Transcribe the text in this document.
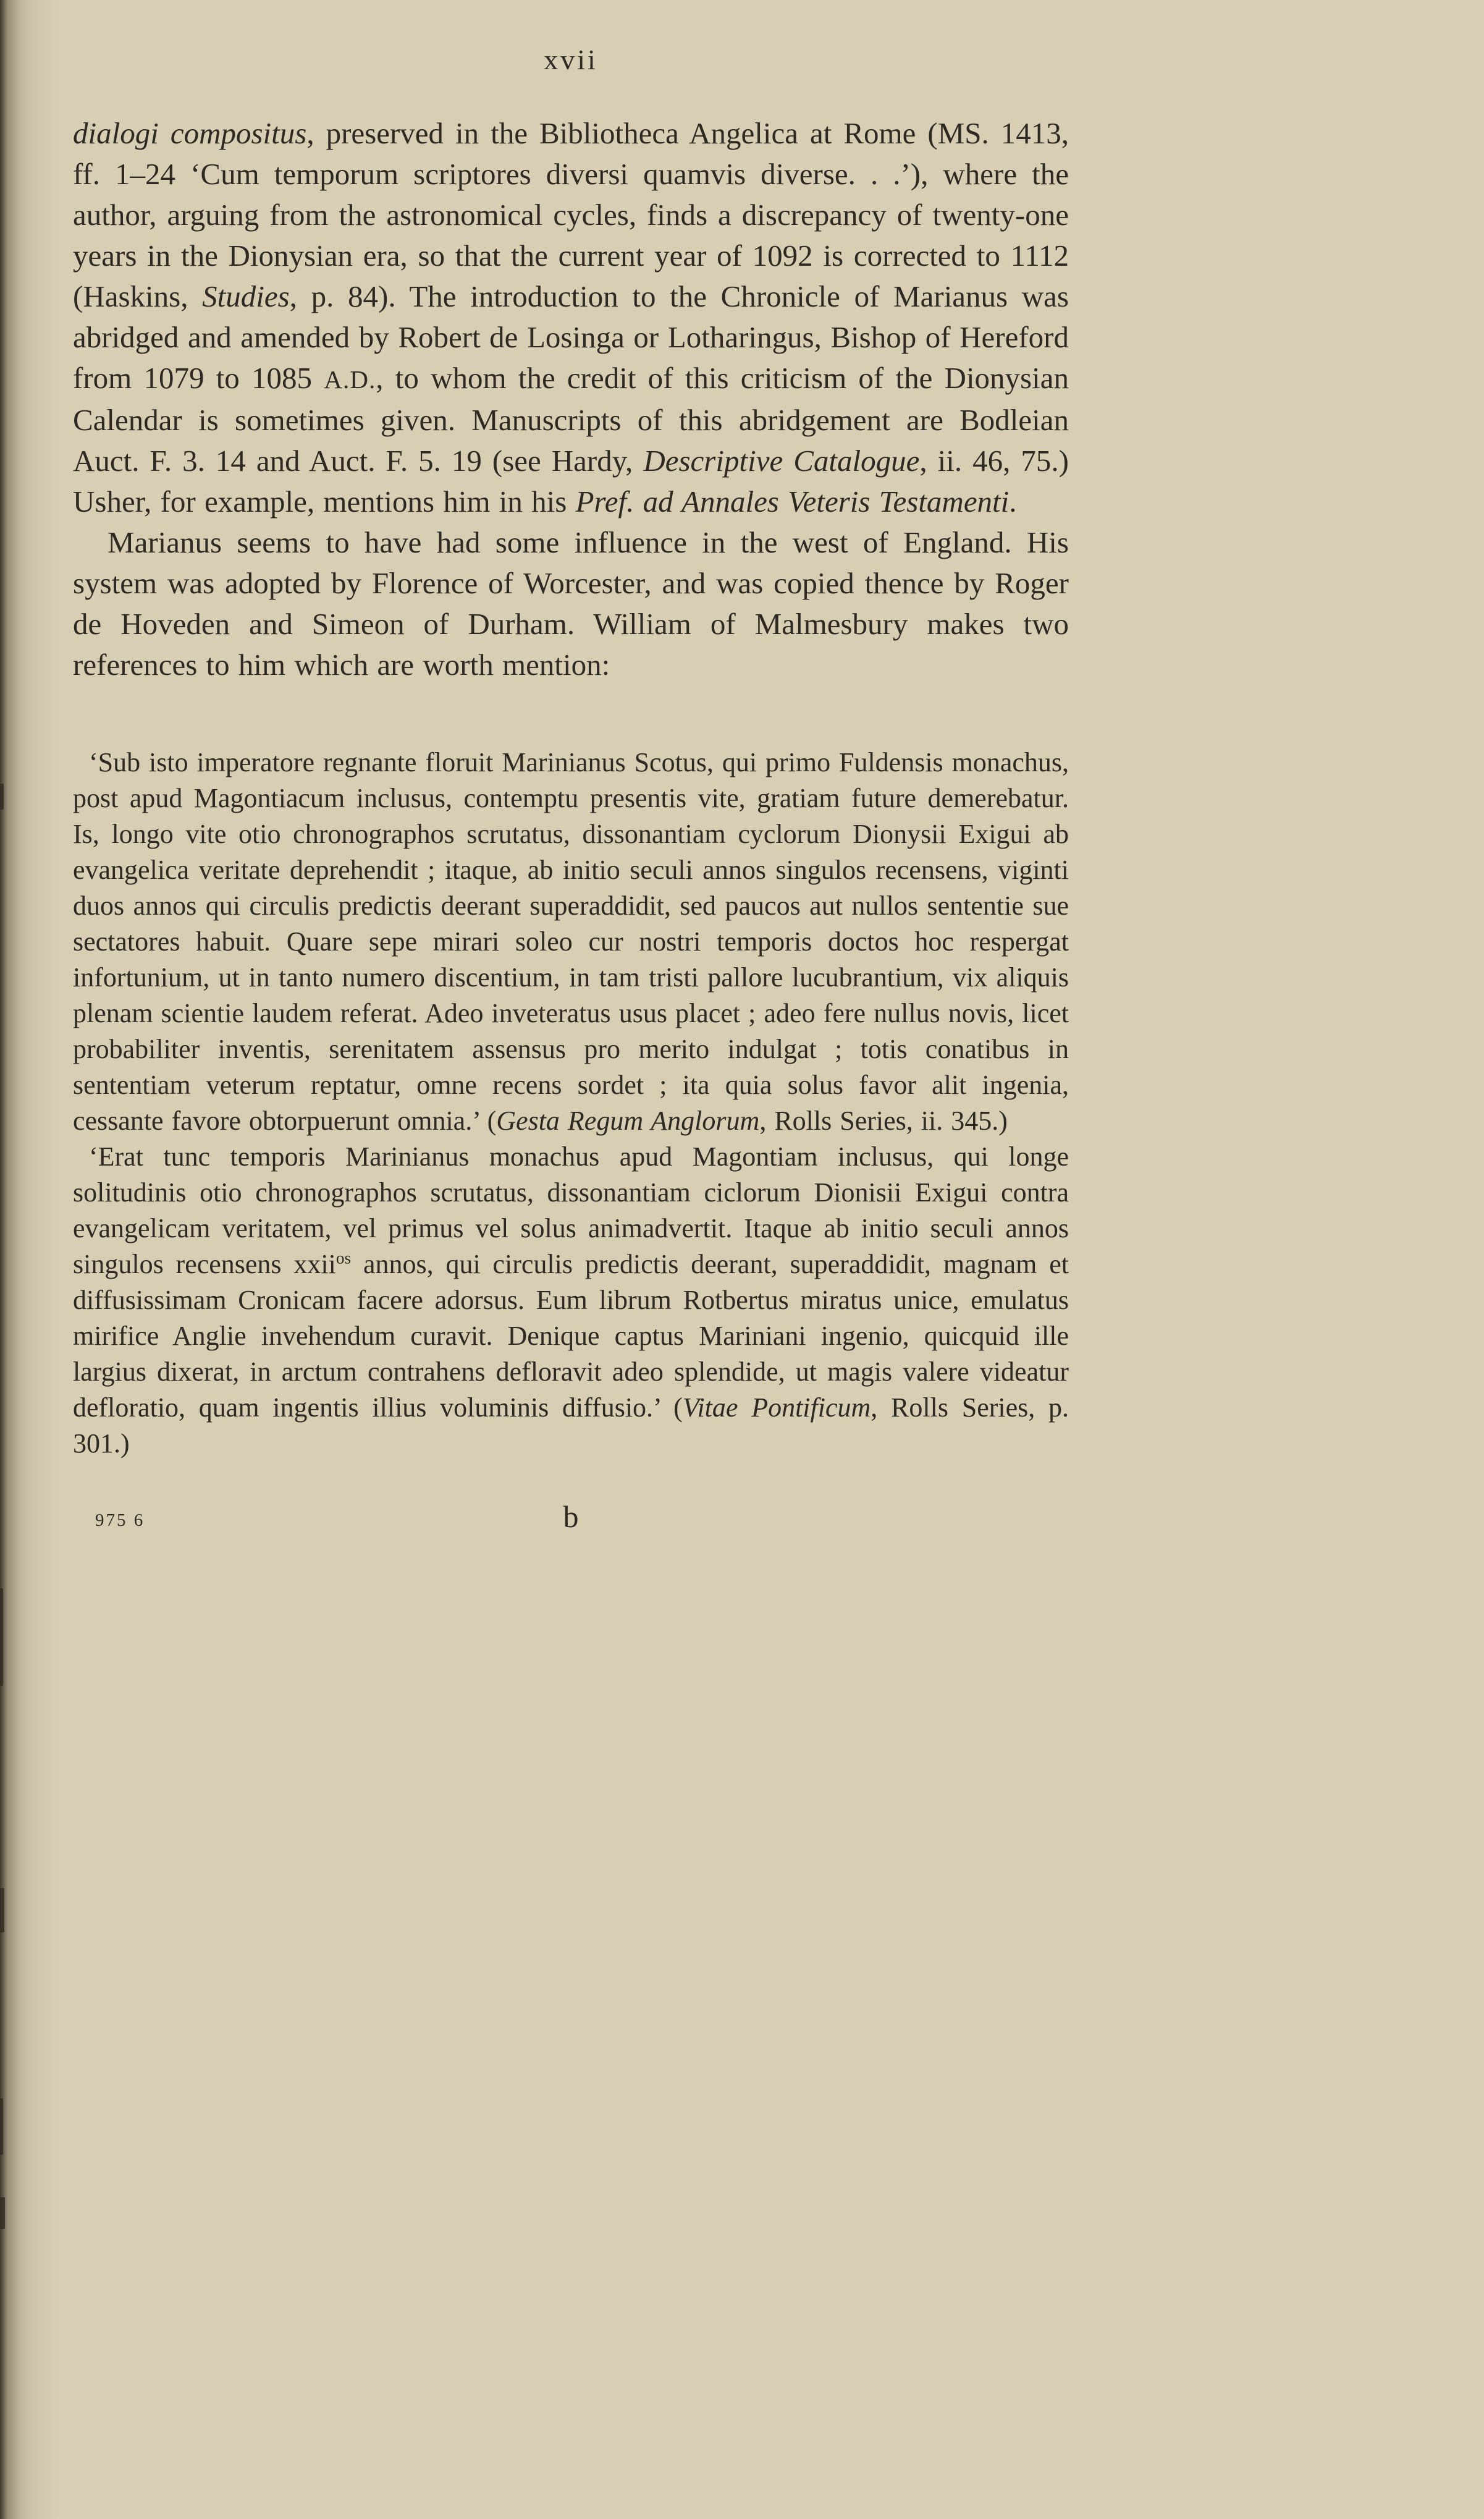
xvii

dialogi compositus, preserved in the Bibliotheca Angelica at Rome (MS. 1413, ff. 1–24 ‘Cum temporum scriptores diversi quamvis diverse. . .’), where the author, arguing from the astronomical cycles, finds a discrepancy of twenty-one years in the Dionysian era, so that the current year of 1092 is corrected to 1112 (Haskins, Studies, p. 84). The introduction to the Chronicle of Marianus was abridged and amended by Robert de Losinga or Lotharingus, Bishop of Hereford from 1079 to 1085 A.D., to whom the credit of this criticism of the Dionysian Calendar is sometimes given. Manuscripts of this abridgement are Bodleian Auct. F. 3. 14 and Auct. F. 5. 19 (see Hardy, Descriptive Catalogue, ii. 46, 75.) Usher, for example, mentions him in his Pref. ad Annales Veteris Testamenti.

Marianus seems to have had some influence in the west of England. His system was adopted by Florence of Worcester, and was copied thence by Roger de Hoveden and Simeon of Durham. William of Malmesbury makes two references to him which are worth mention:

‘Sub isto imperatore regnante floruit Marinianus Scotus, qui primo Fuldensis monachus, post apud Magontiacum inclusus, contemptu presentis vite, gratiam future demerebatur. Is, longo vite otio chronographos scrutatus, dissonantiam cyclorum Dionysii Exigui ab evangelica veritate deprehendit ; itaque, ab initio seculi annos singulos recensens, viginti duos annos qui circulis predictis deerant superaddidit, sed paucos aut nullos sententie sue sectatores habuit. Quare sepe mirari soleo cur nostri temporis doctos hoc respergat infortunium, ut in tanto numero discentium, in tam tristi pallore lucubrantium, vix aliquis plenam scientie laudem referat. Adeo inveteratus usus placet ; adeo fere nullus novis, licet probabiliter inventis, serenitatem assensus pro merito indulgat ; totis conatibus in sententiam veterum reptatur, omne recens sordet ; ita quia solus favor alit ingenia, cessante favore obtorpuerunt omnia.’ (Gesta Regum Anglorum, Rolls Series, ii. 345.)

‘Erat tunc temporis Marinianus monachus apud Magontiam inclusus, qui longe solitudinis otio chronographos scrutatus, dissonantiam ciclorum Dionisii Exigui contra evangelicam veritatem, vel primus vel solus animadvertit. Itaque ab initio seculi annos singulos recensens xxii$^{os}$ annos, qui circulis predictis deerant, superaddidit, magnam et diffusissimam Cronicam facere adorsus. Eum librum Rotbertus miratus unice, emulatus mirifice Anglie invehendum curavit. Denique captus Mariniani ingenio, quicquid ille largius dixerat, in arctum contrahens defloravit adeo splendide, ut magis valere videatur defloratio, quam ingentis illius voluminis diffusio.’ (Vitae Pontificum, Rolls Series, p. 301.)

975 6	b
